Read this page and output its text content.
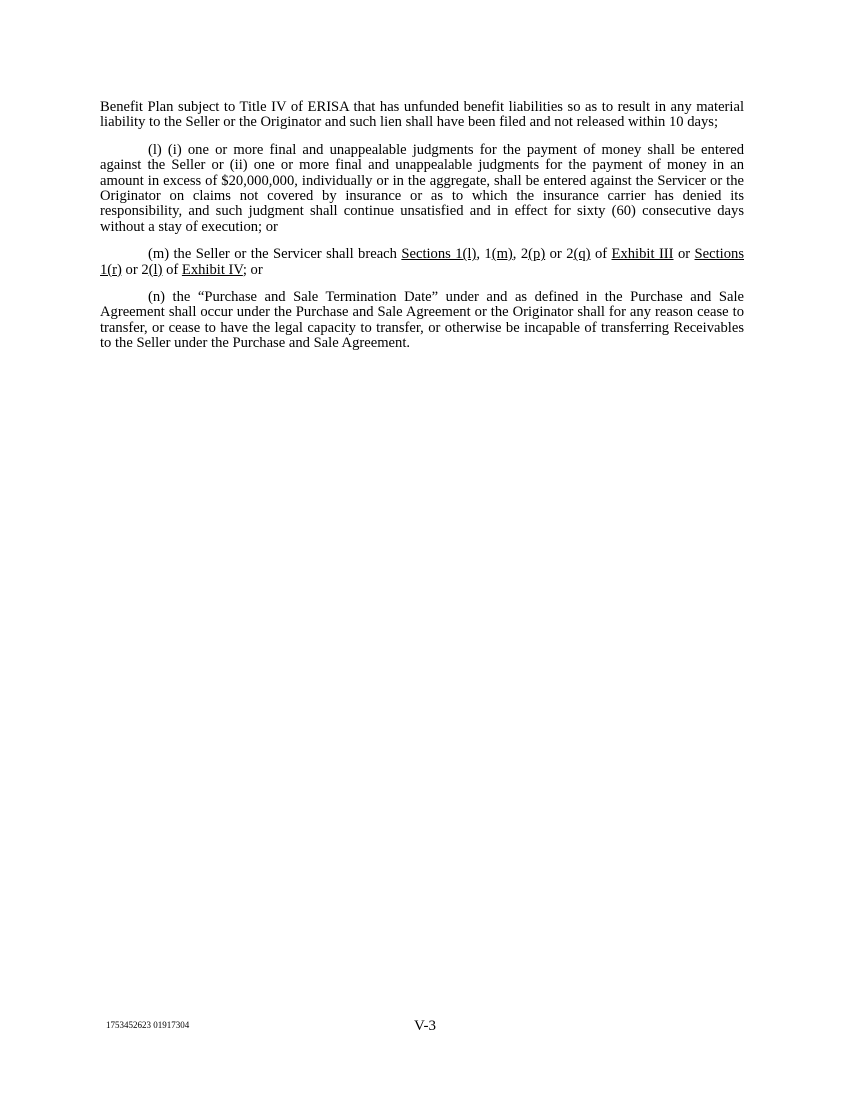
Benefit Plan subject to Title IV of ERISA that has unfunded benefit liabilities so as to result in any material liability to the Seller or the Originator and such lien shall have been filed and not released within 10 days;

(l) (i) one or more final and unappealable judgments for the payment of money shall be entered against the Seller or (ii) one or more final and unappealable judgments for the payment of money in an amount in excess of $20,000,000, individually or in the aggregate, shall be entered against the Servicer or the Originator on claims not covered by insurance or as to which the insurance carrier has denied its responsibility, and such judgment shall continue unsatisfied and in effect for sixty (60) consecutive days without a stay of execution; or

(m) the Seller or the Servicer shall breach Sections 1(l), 1(m), 2(p) or 2(q) of Exhibit III or Sections 1(r) or 2(l) of Exhibit IV; or

(n) the “Purchase and Sale Termination Date” under and as defined in the Purchase and Sale Agreement shall occur under the Purchase and Sale Agreement or the Originator shall for any reason cease to transfer, or cease to have the legal capacity to transfer, or otherwise be incapable of transferring Receivables to the Seller under the Purchase and Sale Agreement.

1753452623 01917304	V-3
